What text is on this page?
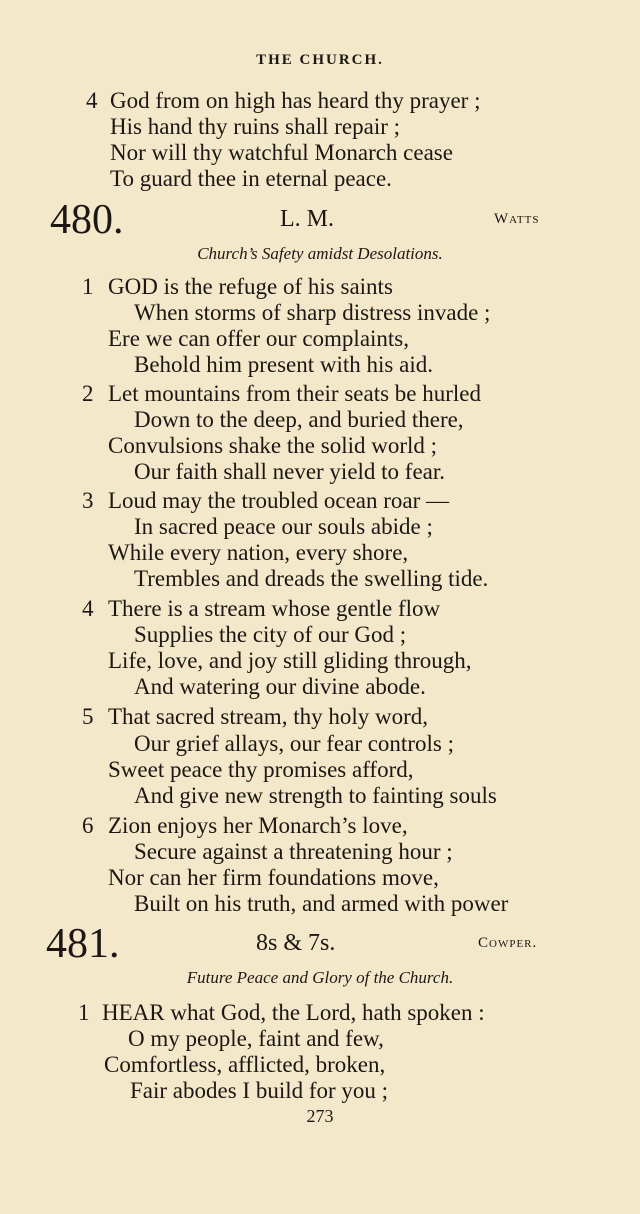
THE CHURCH.
4 God from on high has heard thy prayer ;
His hand thy ruins shall repair ;
Nor will thy watchful Monarch cease
To guard thee in eternal peace.
480.	L. M.	Watts
Church’s Safety amidst Desolations.
1 GOD is the refuge of his saints
When storms of sharp distress invade ;
Ere we can offer our complaints,
Behold him present with his aid.
2 Let mountains from their seats be hurled
Down to the deep, and buried there,
Convulsions shake the solid world ;
Our faith shall never yield to fear.
3 Loud may the troubled ocean roar —
In sacred peace our souls abide ;
While every nation, every shore,
Trembles and dreads the swelling tide.
4 There is a stream whose gentle flow
Supplies the city of our God ;
Life, love, and joy still gliding through,
And watering our divine abode.
5 That sacred stream, thy holy word,
Our grief allays, our fear controls ;
Sweet peace thy promises afford,
And give new strength to fainting souls
6 Zion enjoys her Monarch’s love,
Secure against a threatening hour ;
Nor can her firm foundations move,
Built on his truth, and armed with power
481.	8s & 7s.	Cowper.
Future Peace and Glory of the Church.
1 HEAR what God, the Lord, hath spoken :
O my people, faint and few,
Comfortless, afflicted, broken,
Fair abodes I build for you ;
273
